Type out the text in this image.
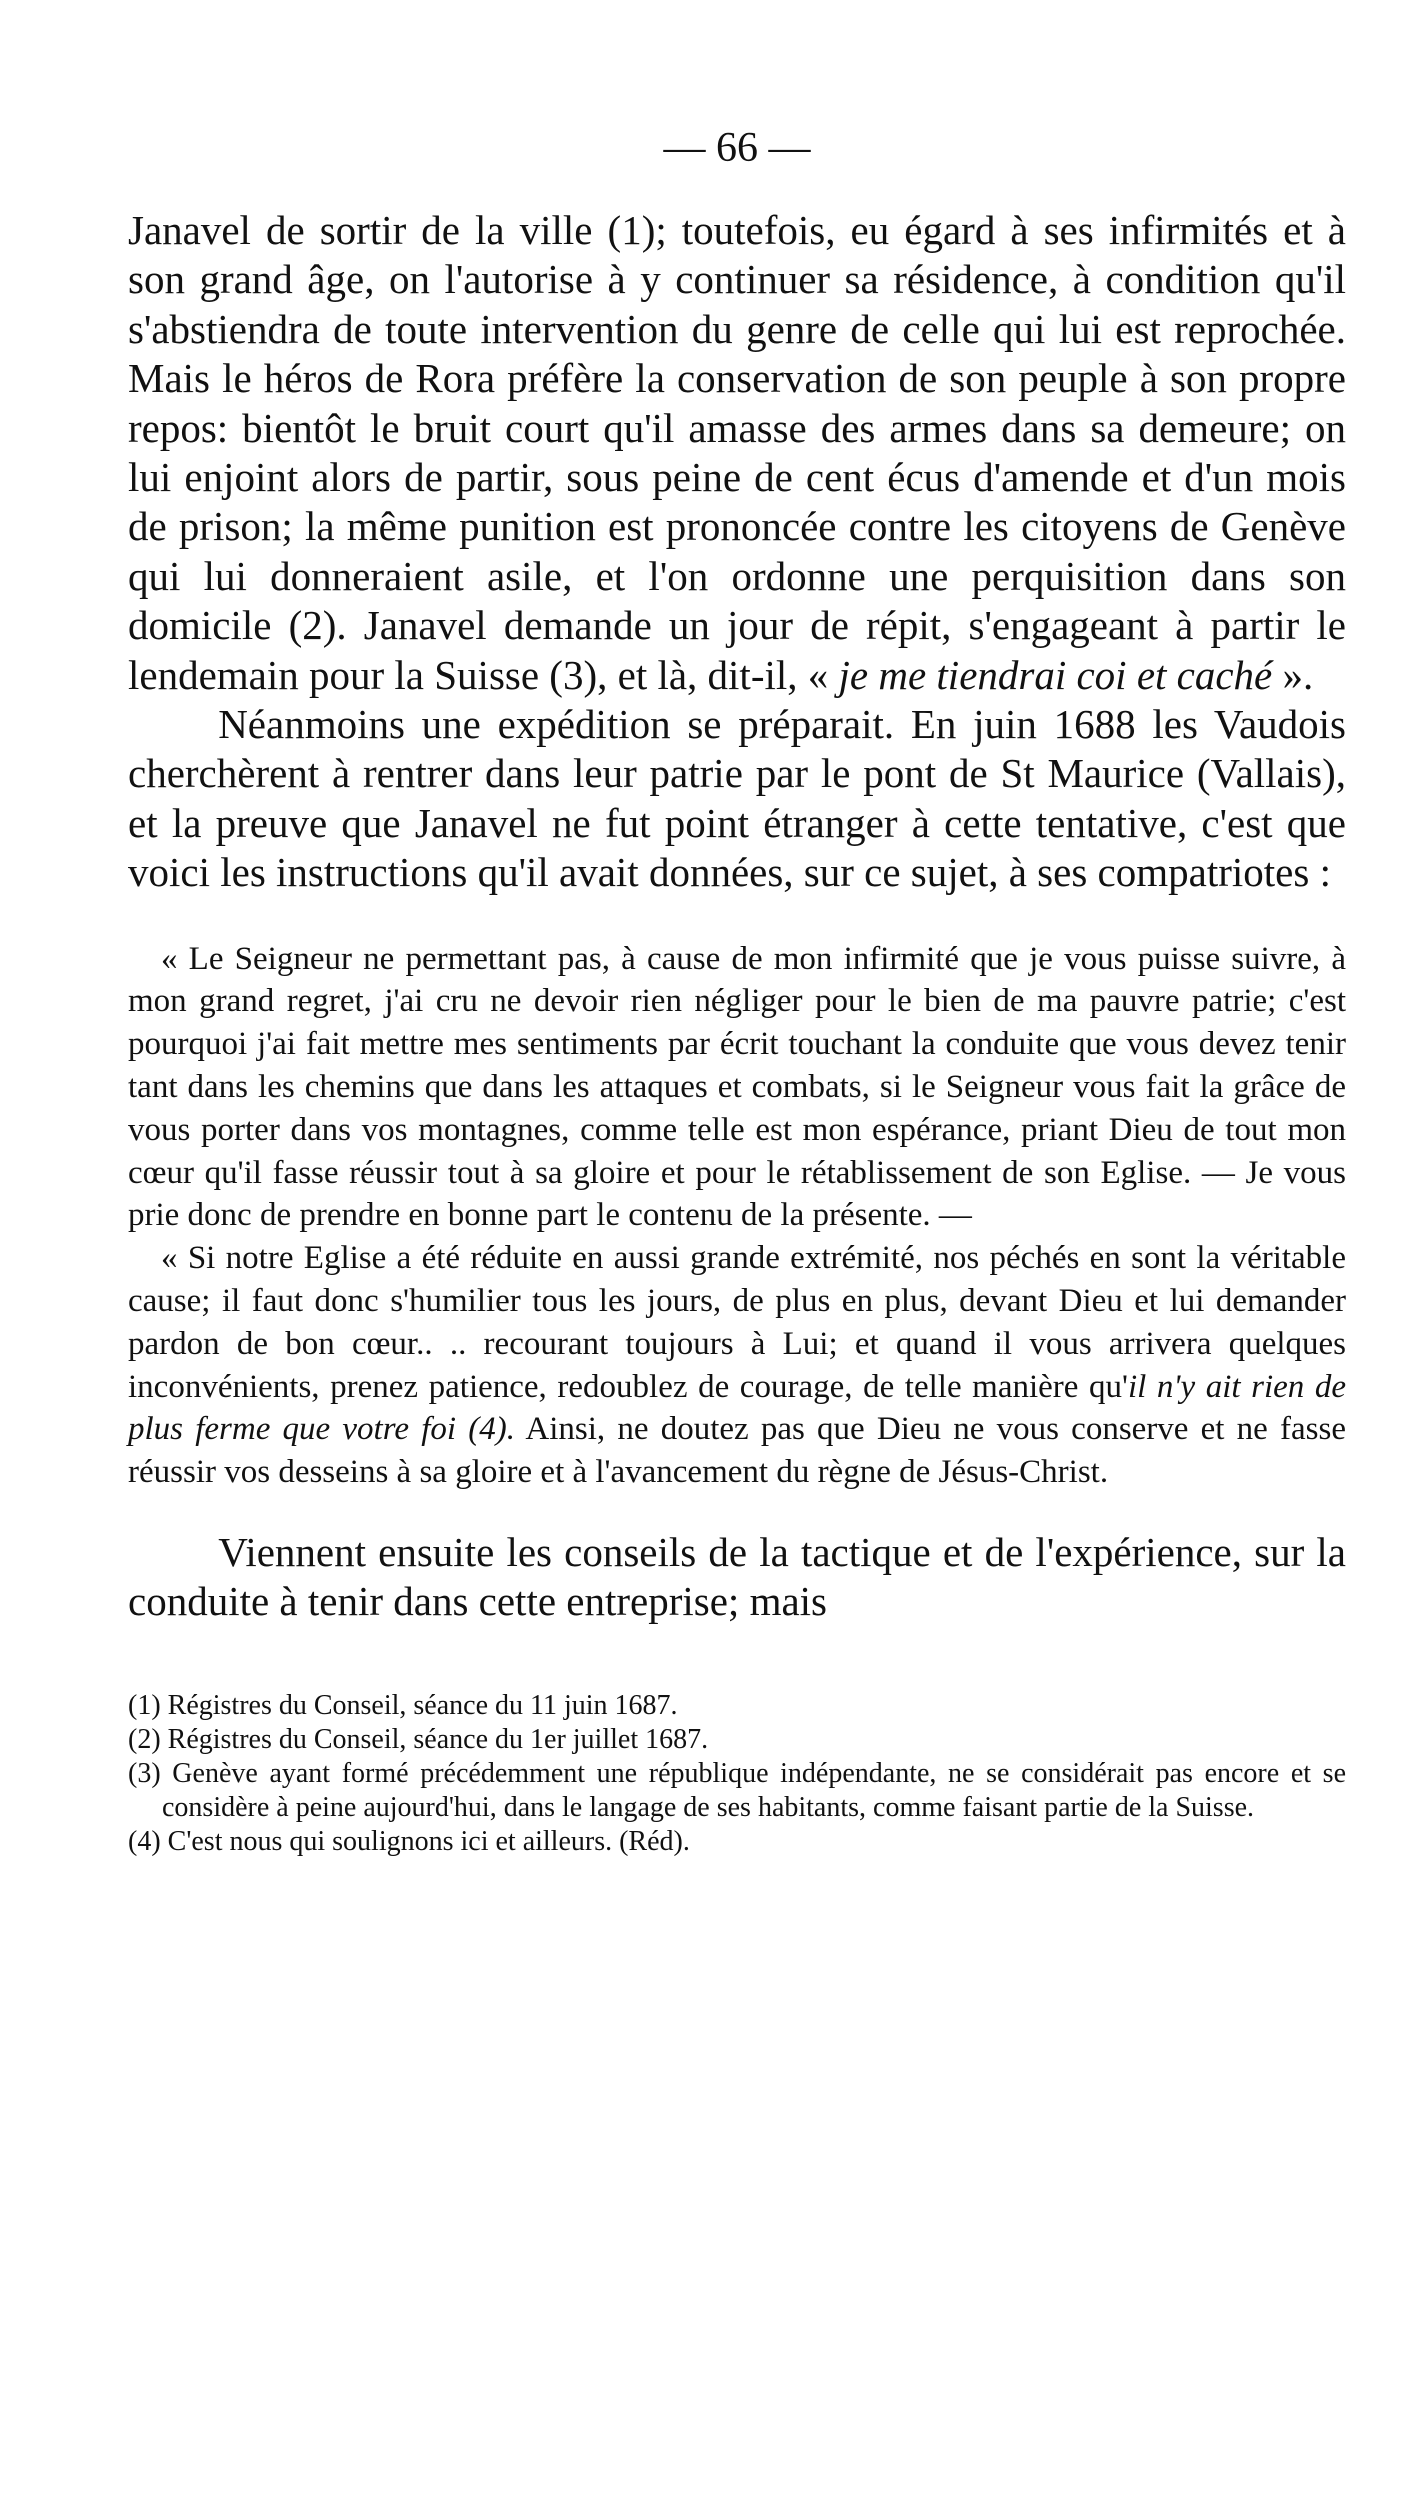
— 66 —

Janavel de sortir de la ville (1); toutefois, eu égard à ses infirmités et à son grand âge, on l'autorise à y continuer sa résidence, à condition qu'il s'abstiendra de toute intervention du genre de celle qui lui est reprochée. Mais le héros de Rora préfère la conservation de son peuple à son propre repos: bientôt le bruit court qu'il amasse des armes dans sa demeure; on lui enjoint alors de partir, sous peine de cent écus d'amende et d'un mois de prison; la même punition est prononcée contre les citoyens de Genève qui lui donneraient asile, et l'on ordonne une perquisition dans son domicile (2). Janavel demande un jour de répit, s'engageant à partir le lendemain pour la Suisse (3), et là, dit-il, « je me tiendrai coi et caché ».

Néanmoins une expédition se préparait. En juin 1688 les Vaudois cherchèrent à rentrer dans leur patrie par le pont de St Maurice (Vallais), et la preuve que Janavel ne fut point étranger à cette tentative, c'est que voici les instructions qu'il avait données, sur ce sujet, à ses compatriotes :

« Le Seigneur ne permettant pas, à cause de mon infirmité que je vous puisse suivre, à mon grand regret, j'ai cru ne devoir rien négliger pour le bien de ma pauvre patrie; c'est pourquoi j'ai fait mettre mes sentiments par écrit touchant la conduite que vous devez tenir tant dans les chemins que dans les attaques et combats, si le Seigneur vous fait la grâce de vous porter dans vos montagnes, comme telle est mon espérance, priant Dieu de tout mon cœur qu'il fasse réussir tout à sa gloire et pour le rétablissement de son Eglise. — Je vous prie donc de prendre en bonne part le contenu de la présente. —

« Si notre Eglise a été réduite en aussi grande extrémité, nos péchés en sont la véritable cause; il faut donc s'humilier tous les jours, de plus en plus, devant Dieu et lui demander pardon de bon cœur.. .. recourant toujours à Lui; et quand il vous arrivera quelques inconvénients, prenez patience, redoublez de courage, de telle manière qu'il n'y ait rien de plus ferme que votre foi (4). Ainsi, ne doutez pas que Dieu ne vous conserve et ne fasse réussir vos desseins à sa gloire et à l'avancement du règne de Jésus-Christ.

Viennent ensuite les conseils de la tactique et de l'expérience, sur la conduite à tenir dans cette entreprise; mais

(1) Régistres du Conseil, séance du 11 juin 1687.

(2) Régistres du Conseil, séance du 1er juillet 1687.

(3) Genève ayant formé précédemment une république indépendante, ne se considérait pas encore et se considère à peine aujourd'hui, dans le langage de ses habitants, comme faisant partie de la Suisse.

(4) C'est nous qui soulignons ici et ailleurs. (Réd).
